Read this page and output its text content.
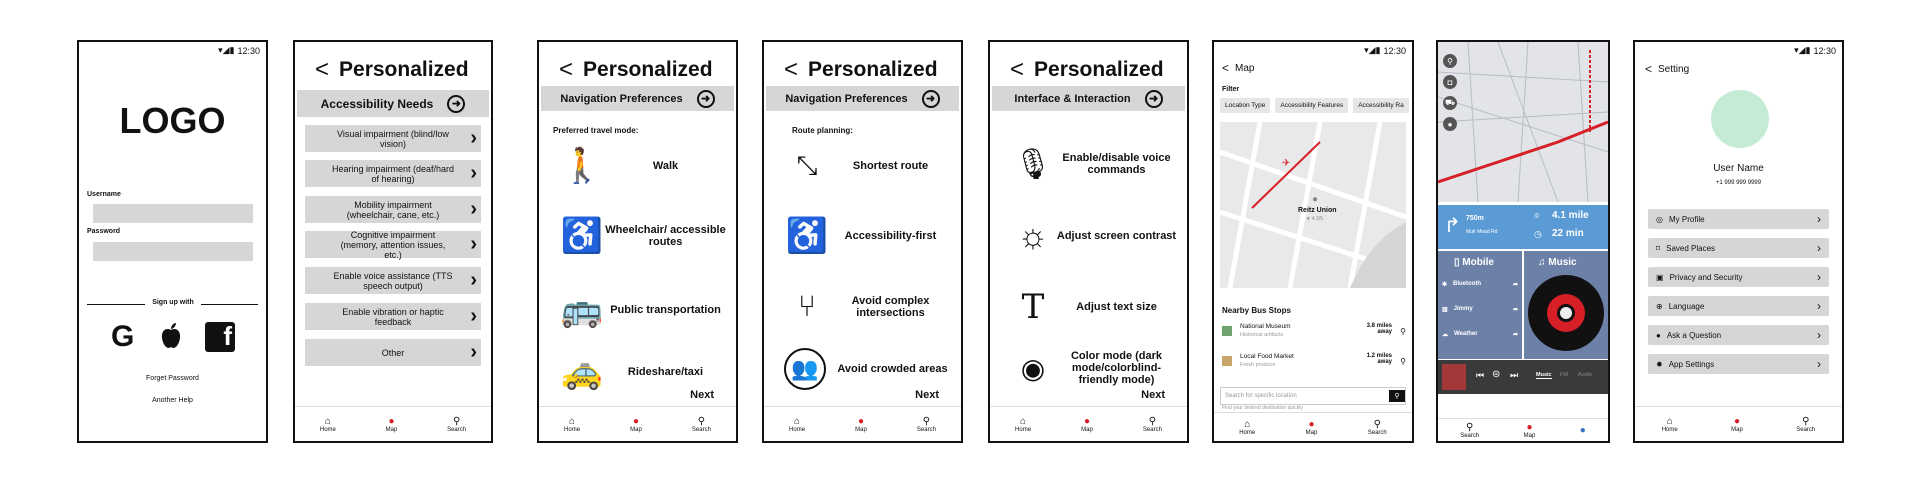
▾◢▮ 12:30
LOGO
Username
Password
Sign up with
G	f
Forget Password
Another Help
< Personalized
Accessibility Needs	➜
Visual impairment (blind/low vision)	›
Hearing impairment (deaf/hard of hearing)	›
Mobility impairment (wheelchair, cane, etc.)	›
Cognitive impairment (memory, attention issues, etc.)	›
Enable voice assistance (TTS speech output)	›
Enable vibration or haptic feedback	›
Other	›
⌂
Home
●
Map
⚲
Search
< Personalized
Navigation Preferences	➜
Preferred travel mode:
🚶	Walk
♿ Wheelchair/ accessible routes
🚌 Public transportation
🚕	Rideshare/taxi
Next
⌂
Home
●
Map
⚲
Search
< Personalized
Navigation Preferences	➜
Route planning:
⤡	Shortest route
♿	Accessibility-first
⑂	Avoid complex intersections
👥	Avoid crowded areas
Next
⌂
Home
●
Map
⚲
Search
< Personalized
Interface & Interaction	➜
🎙 Enable/disable voice commands
☼ Adjust screen contrast
T	Adjust text size
◉	Color mode (dark mode/colorblind-friendly mode)
Next
⌂
Home
●
Map
⚲
Search
▾◢▮ 12:30
< Map
Filter
Location Type	Accessibility Features	Accessibility Ra
✈
●
Reitz Union
★ 4.3/5
Nearby Bus Stops
National Museum
Historical artifacts
3.8 miles away ⚲
Local Food Market
Fresh produce
1.2 miles away ⚲
Search for specific location	⚲
Find your desired destination quickly
⌂
Home
●
Map
⚲
Search
⚲
◘
⛟
●
↱ 750m
Mulr Mead Rd
⌾ 4.1 mile
◷ 22 min
▯ Mobile
✱ Bluetooth	➦
▥ Jimmy	➦
☁ Weather	➦
♫ Music
⏮ ⊜ ⏭	Music FM Audio
⚲
Search
●
Map	●
▾◢▮ 12:30
< Setting
User Name
+1 999 999 9999
◎ My Profile	›
⌑ Saved Places	›
▣ Privacy and Security	›
⊕ Language	›
● Ask a Question	›
✹ App Settings	›
⌂
Home
●
Map
⚲
Search
